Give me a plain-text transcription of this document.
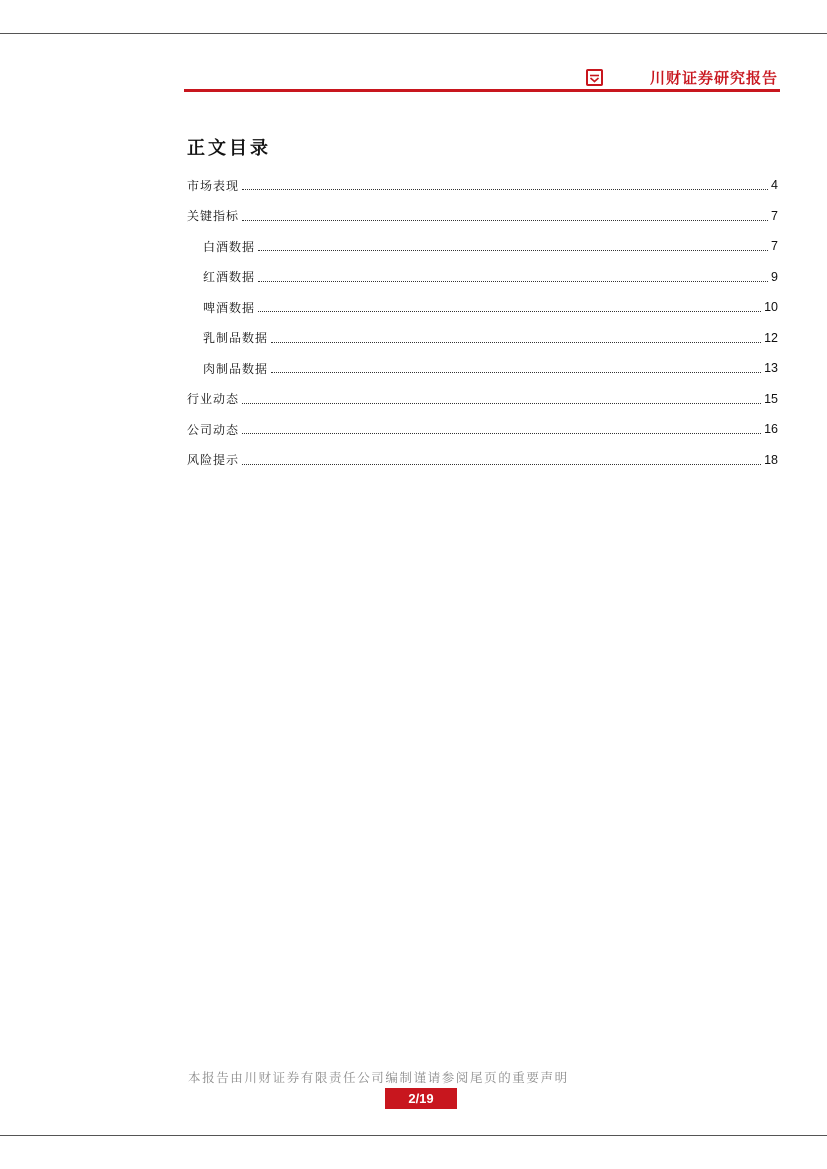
川财证券研究报告
正文目录
市场表现	4
关键指标	7
白酒数据	7
红酒数据	9
啤酒数据	10
乳制品数据	12
肉制品数据	13
行业动态	15
公司动态	16
风险提示	18
本报告由川财证券有限责任公司编制谨请参阅尾页的重要声明
2/19
